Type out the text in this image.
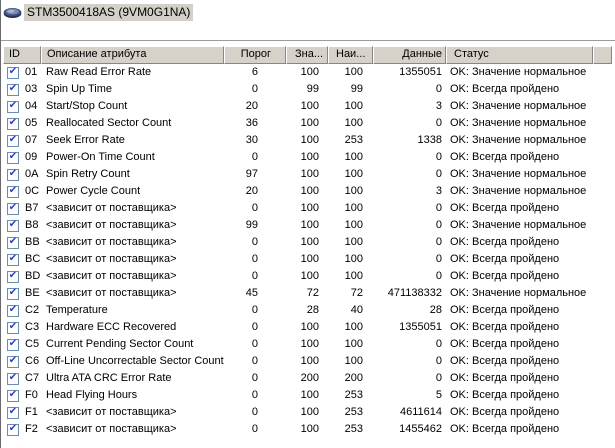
STM3500418AS (9VM0G1NA)
ID	Описание атрибута	Порог	Зна...	Наи...	Данные	Статус
✔ 01 Raw Read Error Rate	6	100	100	1355051 OK: Значение нормальное
✔ 03 Spin Up Time	0	99	99	0 OK: Всегда пройдено
✔ 04 Start/Stop Count	20	100	100	3 OK: Значение нормальное
✔ 05 Reallocated Sector Count	36	100	100	0 OK: Значение нормальное
✔ 07 Seek Error Rate	30	100	253	1338 OK: Значение нормальное
✔ 09 Power-On Time Count	0	100	100	0 OK: Всегда пройдено
✔ 0A Spin Retry Count	97	100	100	0 OK: Значение нормальное
✔ 0C Power Cycle Count	20	100	100	3 OK: Значение нормальное
✔ B7 <зависит от поставщика>	0	100	100	0 OK: Всегда пройдено
✔ B8 <зависит от поставщика>	99	100	100	0 OK: Значение нормальное
✔ BB <зависит от поставщика>	0	100	100	0 OK: Всегда пройдено
✔ BC <зависит от поставщика>	0	100	100	0 OK: Всегда пройдено
✔ BD <зависит от поставщика>	0	100	100	0 OK: Всегда пройдено
✔ BE <зависит от поставщика>	45	72	72	471138332 OK: Значение нормальное
✔ C2 Temperature	0	28	40	28 OK: Всегда пройдено
✔ C3 Hardware ECC Recovered	0	100	100	1355051 OK: Всегда пройдено
✔ C5 Current Pending Sector Count	0	100	100	0 OK: Всегда пройдено
✔ C6 Off-Line Uncorrectable Sector Count	0	100	100	0 OK: Всегда пройдено
✔ C7 Ultra ATA CRC Error Rate	0	200	200	0 OK: Всегда пройдено
✔ F0 Head Flying Hours	0	100	253	5 OK: Всегда пройдено
✔ F1 <зависит от поставщика>	0	100	253	4611614 OK: Всегда пройдено
✔ F2 <зависит от поставщика>	0	100	253	1455462 OK: Всегда пройдено
